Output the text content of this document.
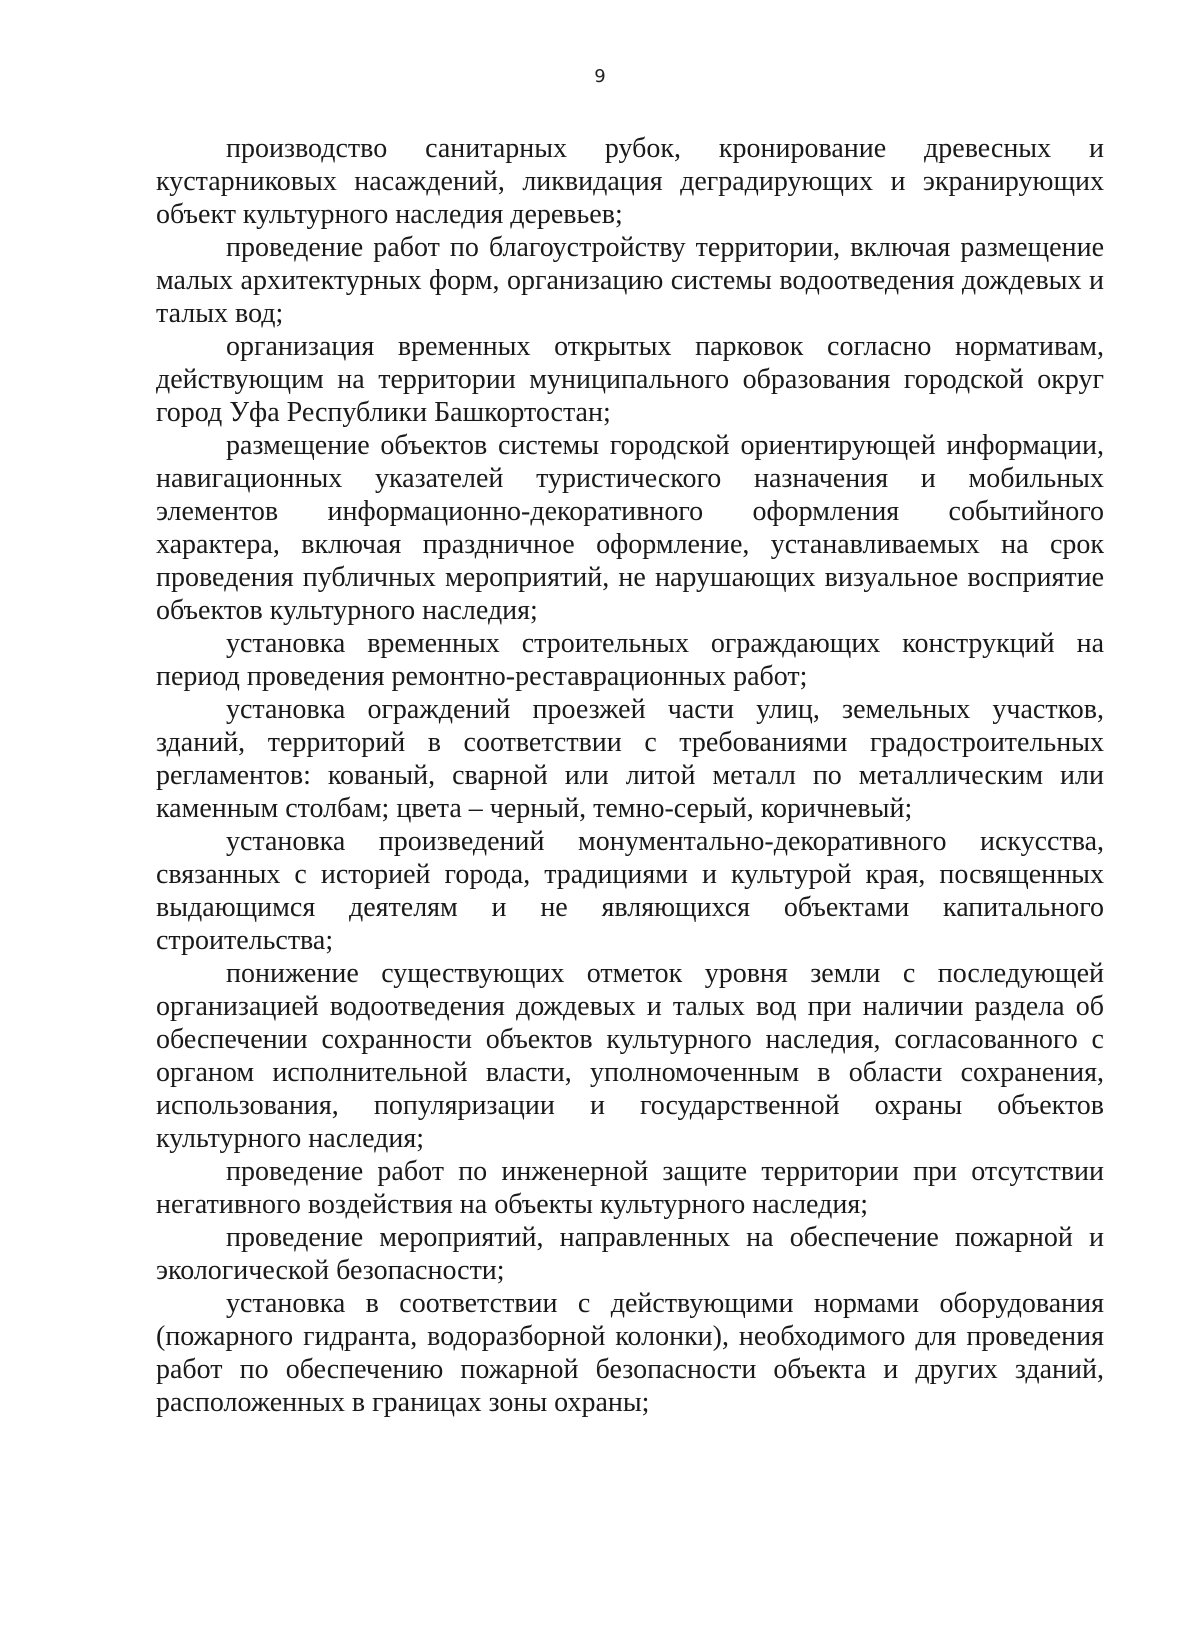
9

производство санитарных рубок, кронирование древесных и кустарниковых насаждений, ликвидация деградирующих и экранирующих объект культурного наследия деревьев;

проведение работ по благоустройству территории, включая размещение малых архитектурных форм, организацию системы водоотведения дождевых и талых вод;

организация временных открытых парковок согласно нормативам, действующим на территории муниципального образования городской округ город Уфа Республики Башкортостан;

размещение объектов системы городской ориентирующей информации, навигационных указателей туристического назначения и мобильных элементов информационно-декоративного оформления событийного характера, включая праздничное оформление, устанавливаемых на срок проведения публичных мероприятий, не нарушающих визуальное восприятие объектов культурного наследия;

установка временных строительных ограждающих конструкций на период проведения ремонтно-реставрационных работ;

установка ограждений проезжей части улиц, земельных участков, зданий, территорий в соответствии с требованиями градостроительных регламентов: кованый, сварной или литой металл по металлическим или каменным столбам; цвета – черный, темно-серый, коричневый;

установка произведений монументально-декоративного искусства, связанных с историей города, традициями и культурой края, посвященных выдающимся деятелям и не являющихся объектами капитального строительства;

понижение существующих отметок уровня земли с последующей организацией водоотведения дождевых и талых вод при наличии раздела об обеспечении сохранности объектов культурного наследия, согласованного с органом исполнительной власти, уполномоченным в области сохранения, использования, популяризации и государственной охраны объектов культурного наследия;

проведение работ по инженерной защите территории при отсутствии негативного воздействия на объекты культурного наследия;

проведение мероприятий, направленных на обеспечение пожарной и экологической безопасности;

установка в соответствии с действующими нормами оборудования (пожарного гидранта, водоразборной колонки), необходимого для проведения работ по обеспечению пожарной безопасности объекта и других зданий, расположенных в границах зоны охраны;
